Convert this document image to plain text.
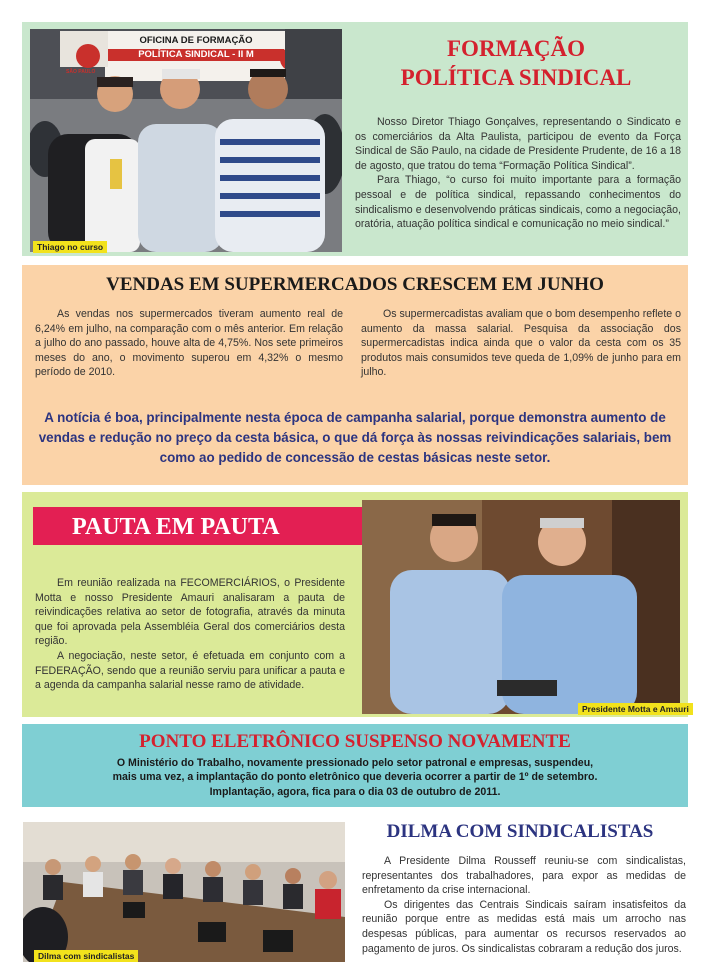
OFICINA DE FORMAÇÃO
POLÍTICA SINDICAL - II M
SÃO PAULO
Thiago no curso
FORMAÇÃO
POLÍTICA SINDICAL

Nosso Diretor Thiago Gonçalves, representando o Sindicato e os comerciários da Alta Paulista, participou de evento da Força Sindical de São Paulo, na cidade de Presidente Prudente, de 16 a 18 de agosto, que tratou do tema “Formação Política Sindical”.

Para Thiago, “o curso foi muito importante para a formação pessoal e de política sindical, repassando conhecimentos do sindicalismo e desenvolvendo práticas sindicais, como a negociação, oratória, atuação política sindical e comunicação no meio sindical.”

VENDAS EM SUPERMERCADOS CRESCEM EM JUNHO

As vendas nos supermercados tiveram aumento real de 6,24% em julho, na comparação com o mês anterior. Em relação a julho do ano passado, houve alta de 4,75%. Nos sete primeiros meses do ano, o movimento superou em 4,32% o mesmo período de 2010.

Os supermercadistas avaliam que o bom desempenho reflete o aumento da massa salarial. Pesquisa da associação dos supermercadistas indica ainda que o valor da cesta com os 35 produtos mais consumidos teve queda de 1,09% de junho para em julho.

A notícia é boa, principalmente nesta época de campanha salarial, porque demonstra aumento de vendas e redução no preço da cesta básica, o que dá força às nossas reivindicações salariais, bem como ao pedido de concessão de cestas básicas neste setor.
PAUTA EM PAUTA

Em reunião realizada na FECOMERCIÁRIOS, o Presidente Motta e nosso Presidente Amauri analisaram a pauta de reivindicações relativa ao setor de fotografia, através da minuta que foi aprovada pela Assembléia Geral dos comerciários desta região.

A negociação, neste setor, é efetuada em conjunto com a FEDERAÇÃO, sendo que a reunião serviu para unificar a pauta e a agenda da campanha salarial nesse ramo de atividade.

Presidente Motta e Amauri
PONTO ELETRÔNICO SUSPENSO NOVAMENTE
O Ministério do Trabalho, novamente pressionado pelo setor patronal e empresas, suspendeu, mais uma vez, a implantação do ponto eletrônico que deveria ocorrer a partir de 1º de setembro. Implantação, agora, fica para o dia 03 de outubro de 2011.
Dilma com sindicalistas
DILMA COM SINDICALISTAS

A Presidente Dilma Rousseff reuniu-se com sindicalistas, representantes dos trabalhadores, para expor as medidas de enfretamento da crise internacional.

Os dirigentes das Centrais Sindicais saíram insatisfeitos da reunião porque entre as medidas está mais um arrocho nas despesas públicas, para aumentar os recursos reservados ao pagamento de juros. Os sindicalistas cobraram a redução dos juros.
